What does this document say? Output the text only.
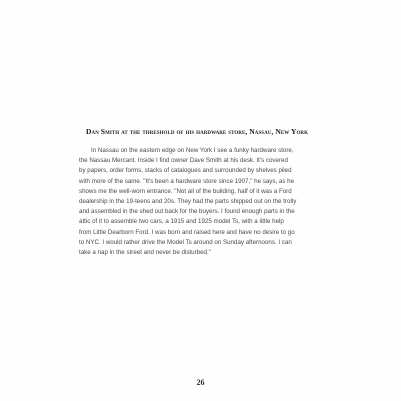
Dan Smith at the threshold of his hardware store, Nassau, New York
In Nassau on the eastern edge on New York I see a funky hardware store,
the Nassau Mercant. Inside I find owner Dave Smith at his desk. It's covered
by papers, order forms, stacks of catalogues and surrounded by shelves piled
with more of the same. "It's been a hardware store since 1907," he says, as he
shows me the well-worn entrance. "Not all of the building, half of it was a Ford
dealership in the 19-teens and 20s. They had the parts shipped out on the trolly
and assembled in the shed out back for the buyers. I found enough parts in the
attic of it to assemble two cars, a 1915 and 1925 model Ts, with a little help
from Little Dearborn Ford. I was born and raised here and have no desire to go
to NYC. I would rather drive the Model Ts around on Sunday afternoons. I can
take a nap in the street and never be disturbed."
26
